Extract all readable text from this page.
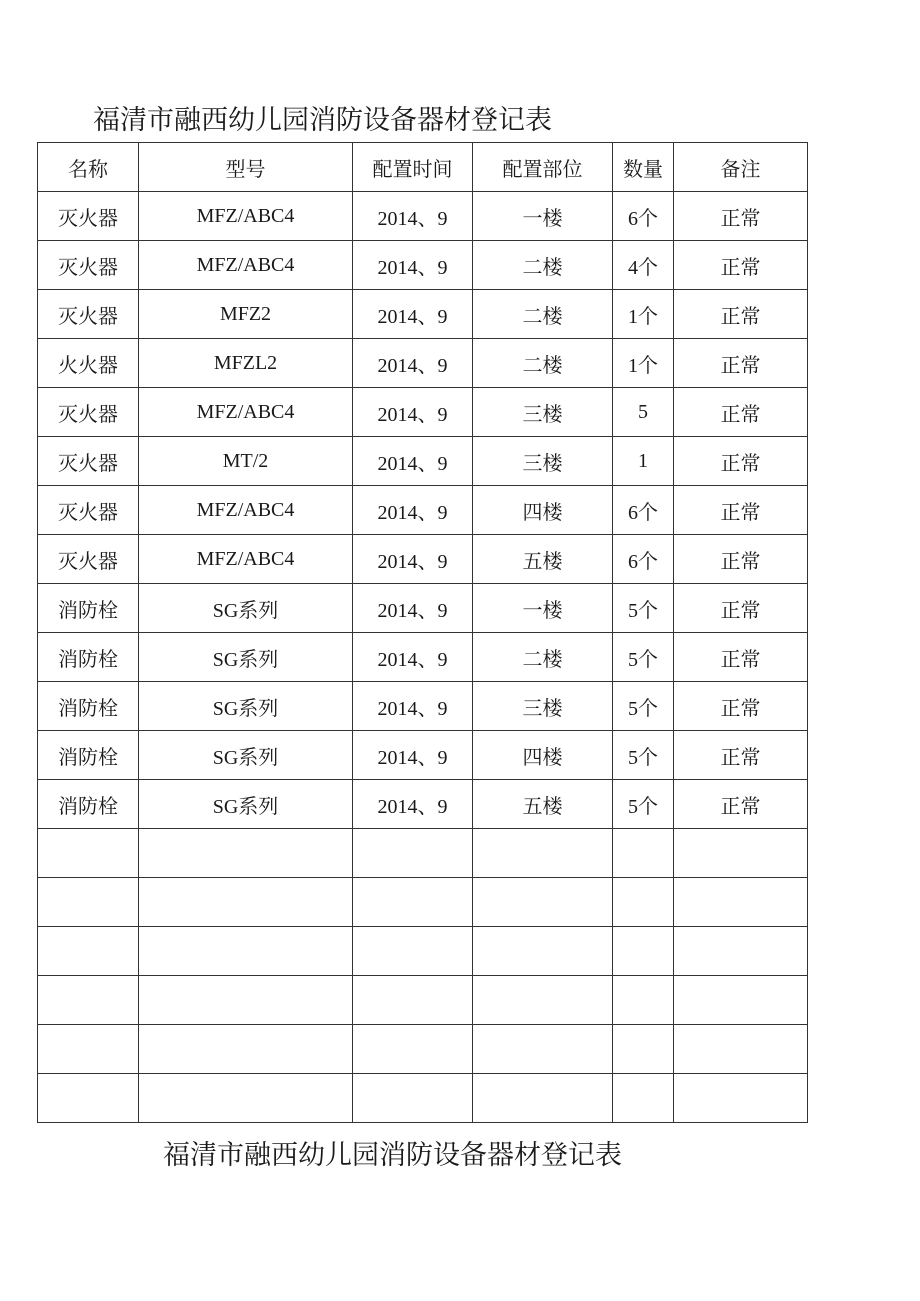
福清市融西幼儿园消防设备器材登记表
名称	型号	配置时间	配置部位	数量	备注
灭火器	MFZ/ABC4	2014、9	一楼	6个	正常
灭火器	MFZ/ABC4	2014、9	二楼	4个	正常
灭火器	MFZ2	2014、9	二楼	1个	正常
火火器	MFZL2	2014、9	二楼	1个	正常
灭火器	MFZ/ABC4	2014、9	三楼	5	正常
灭火器	MT/2	2014、9	三楼	1	正常
灭火器	MFZ/ABC4	2014、9	四楼	6个	正常
灭火器	MFZ/ABC4	2014、9	五楼	6个	正常
消防栓	SG系列	2014、9	一楼	5个	正常
消防栓	SG系列	2014、9	二楼	5个	正常
消防栓	SG系列	2014、9	三楼	5个	正常
消防栓	SG系列	2014、9	四楼	5个	正常
消防栓	SG系列	2014、9	五楼	5个	正常

福清市融西幼儿园消防设备器材登记表
